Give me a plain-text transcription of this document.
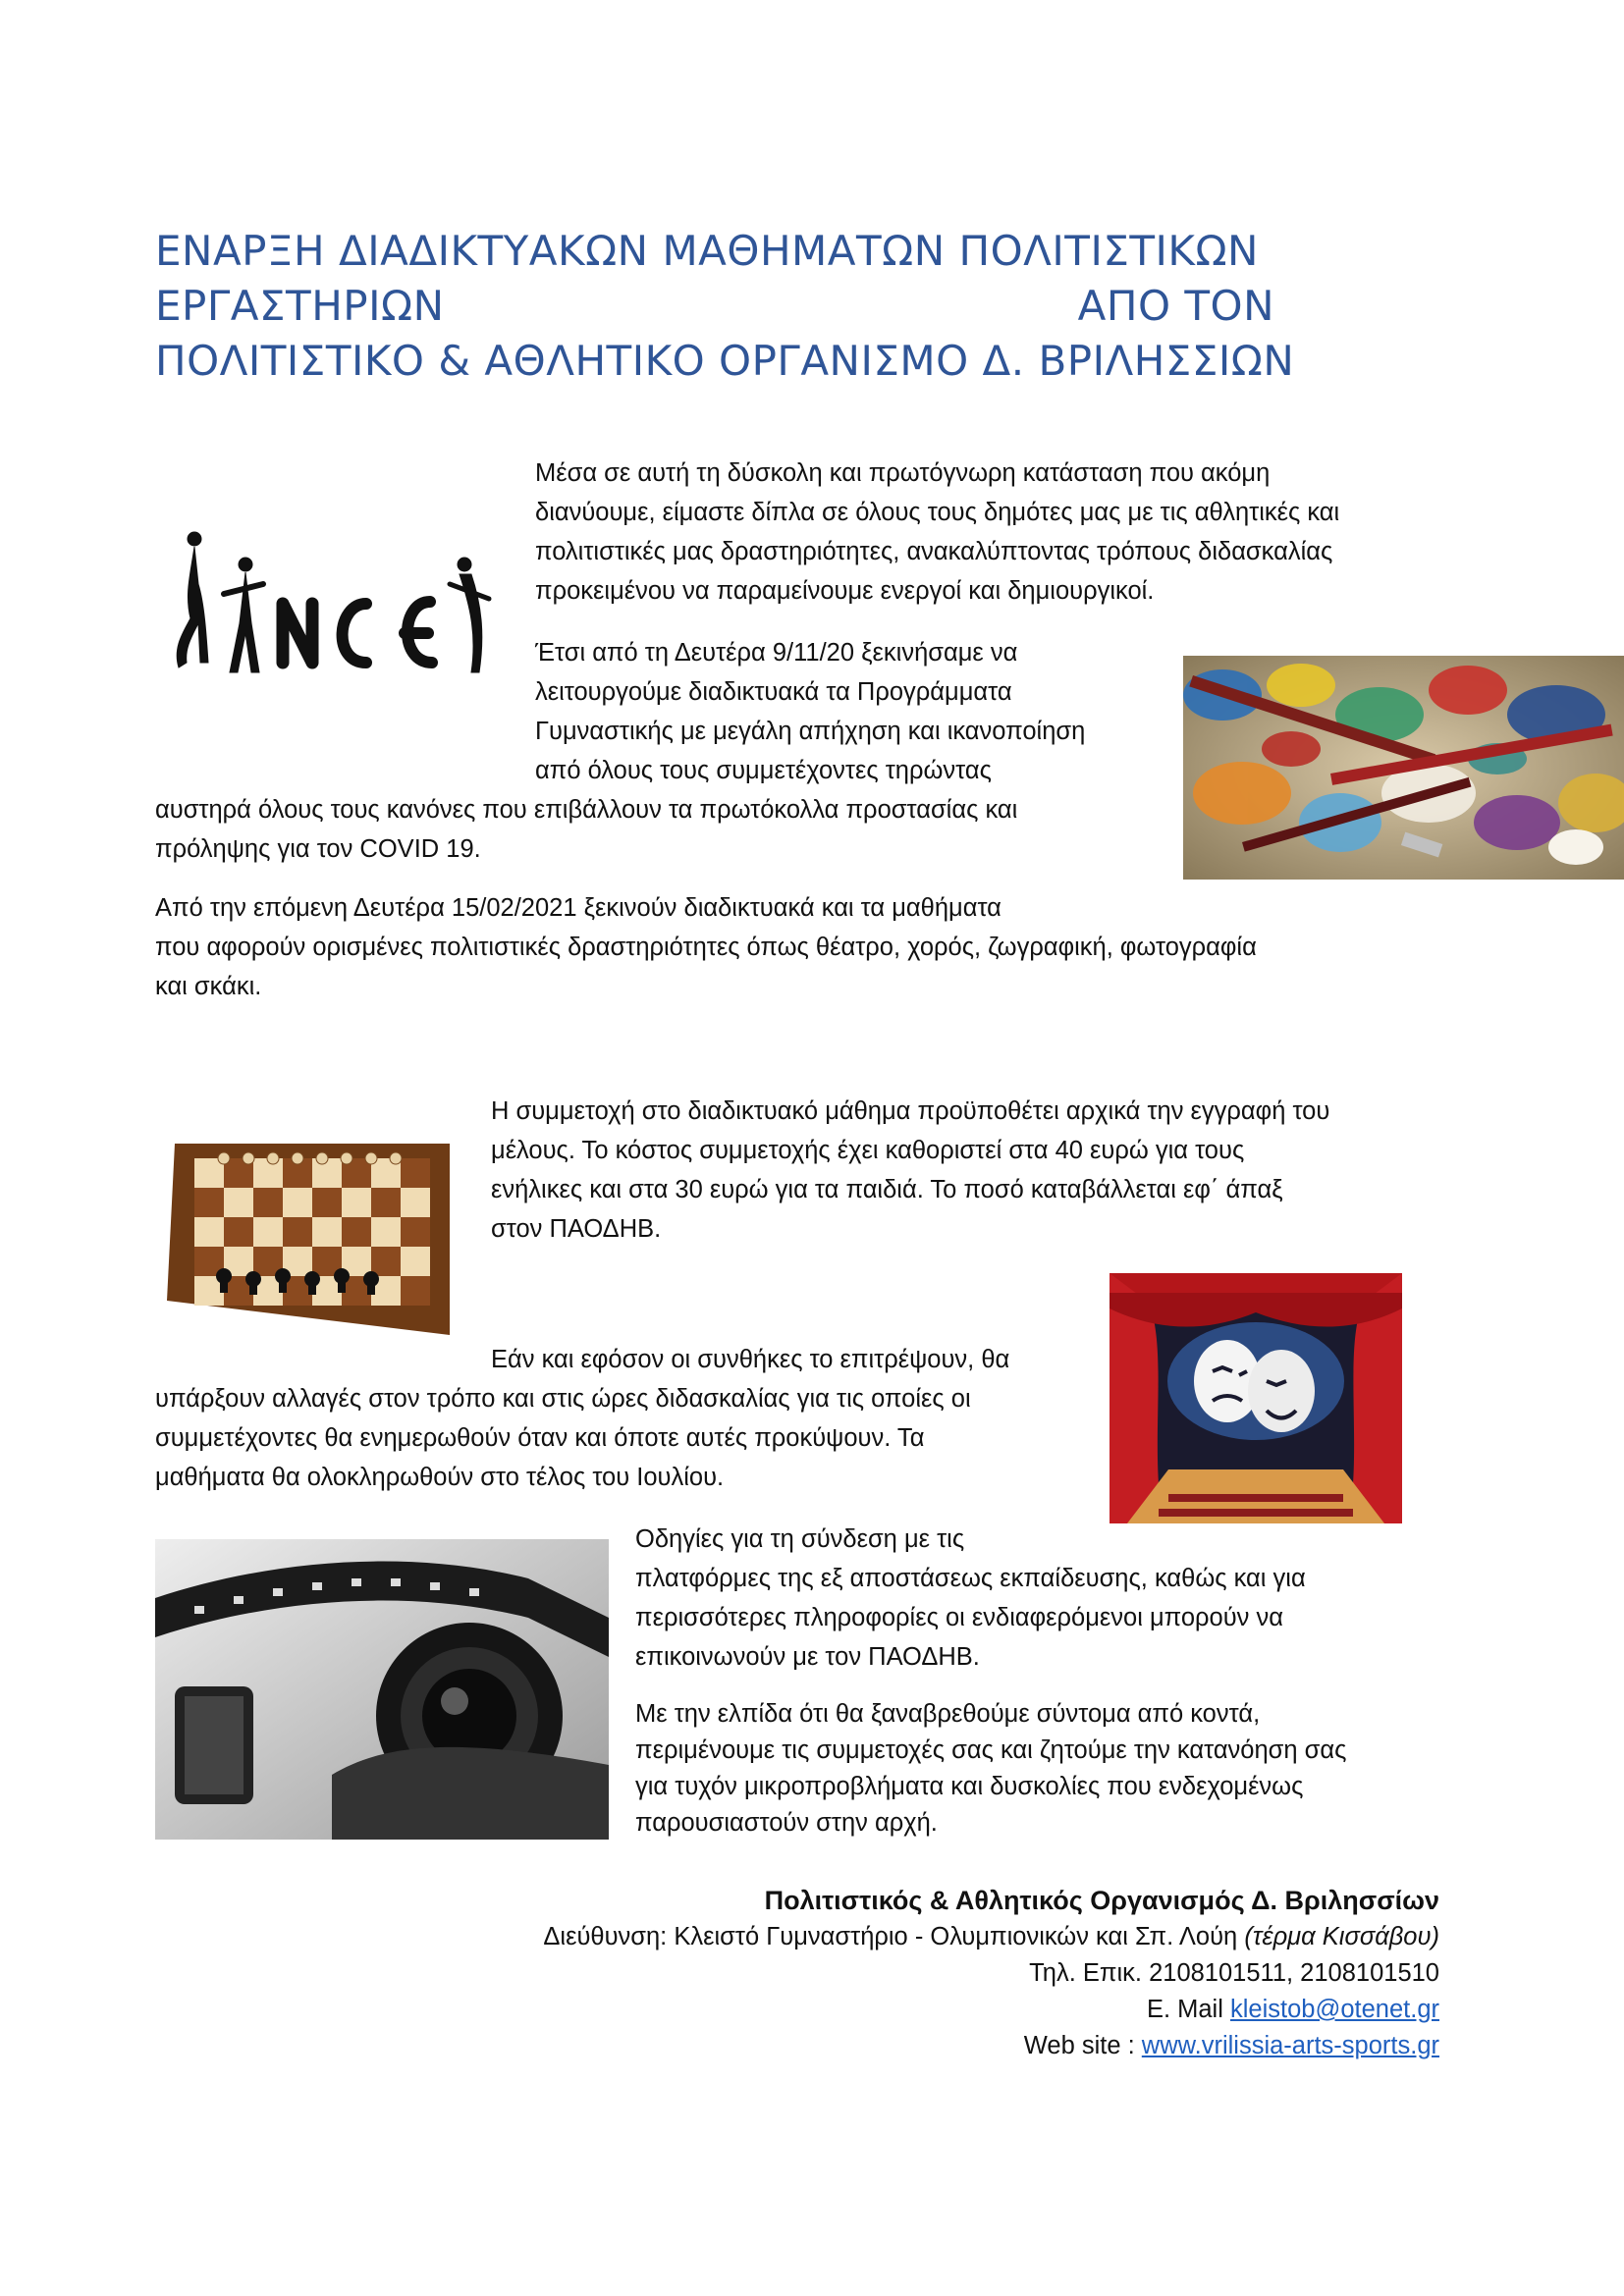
ΕΝΑΡΞΗ ΔΙΑΔΙΚΤΥΑΚΩΝ ΜΑΘΗΜΑΤΩΝ ΠΟΛΙΤΙΣΤΙΚΩΝ
ΕΡΓΑΣΤΗΡΙΩΝ	ΑΠΟ ΤΟΝ
ΠΟΛΙΤΙΣΤΙΚΟ & ΑΘΛΗΤΙΚΟ ΟΡΓΑΝΙΣΜΟ Δ. ΒΡΙΛΗΣΣΙΩΝ

Μέσα σε αυτή τη δύσκολη και πρωτόγνωρη κατάσταση που ακόμη
διανύουμε, είμαστε δίπλα σε όλους τους δημότες μας με τις αθλητικές και
πολιτιστικές μας δραστηριότητες, ανακαλύπτοντας τρόπους διδασκαλίας
προκειμένου να παραμείνουμε ενεργοί και δημιουργικοί.

Έτσι από τη Δευτέρα 9/11/20 ξεκινήσαμε να
λειτουργούμε διαδικτυακά τα Προγράμματα
Γυμναστικής με μεγάλη απήχηση και ικανοποίηση
από όλους τους συμμετέχοντες τηρώντας

αυστηρά όλους τους κανόνες που επιβάλλουν τα πρωτόκολλα προστασίας και
πρόληψης για τον COVID 19.

Από την επόμενη Δευτέρα 15/02/2021 ξεκινούν διαδικτυακά και τα μαθήματα
που αφορούν ορισμένες πολιτιστικές δραστηριότητες όπως θέατρο, χορός, ζωγραφική, φωτογραφία
και σκάκι.

Η συμμετοχή στο διαδικτυακό μάθημα προϋποθέτει αρχικά την εγγραφή του
μέλους. Το κόστος συμμετοχής έχει καθοριστεί στα 40 ευρώ για τους
ενήλικες και στα 30 ευρώ για τα παιδιά. Το ποσό καταβάλλεται εφ΄ άπαξ
στον ΠΑΟΔΗΒ.

Εάν και εφόσον οι συνθήκες το επιτρέψουν, θα

υπάρξουν αλλαγές στον τρόπο και στις ώρες διδασκαλίας για τις οποίες οι
συμμετέχοντες θα ενημερωθούν όταν και όποτε αυτές προκύψουν. Τα
μαθήματα θα ολοκληρωθούν στο τέλος του Ιουλίου.

Οδηγίες για τη σύνδεση με τις
πλατφόρμες της εξ αποστάσεως εκπαίδευσης, καθώς και για
περισσότερες πληροφορίες οι ενδιαφερόμενοι μπορούν να
επικοινωνούν με τον ΠΑΟΔΗΒ.

Με την ελπίδα ότι θα ξαναβρεθούμε σύντομα από κοντά,
περιμένουμε τις συμμετοχές σας και ζητούμε την κατανόηση σας
για τυχόν μικροπροβλήματα και δυσκολίες που ενδεχομένως
παρουσιαστούν στην αρχή.

Πολιτιστικός & Αθλητικός Οργανισμός Δ. Βριλησσίων
Διεύθυνση: Κλειστό Γυμναστήριο - Ολυμπιονικών και Σπ. Λούη (τέρμα Κισσάβου)
Τηλ. Επικ. 2108101511, 2108101510
E. Mail kleistob@otenet.gr
Web site : www.vrilissia-arts-sports.gr
